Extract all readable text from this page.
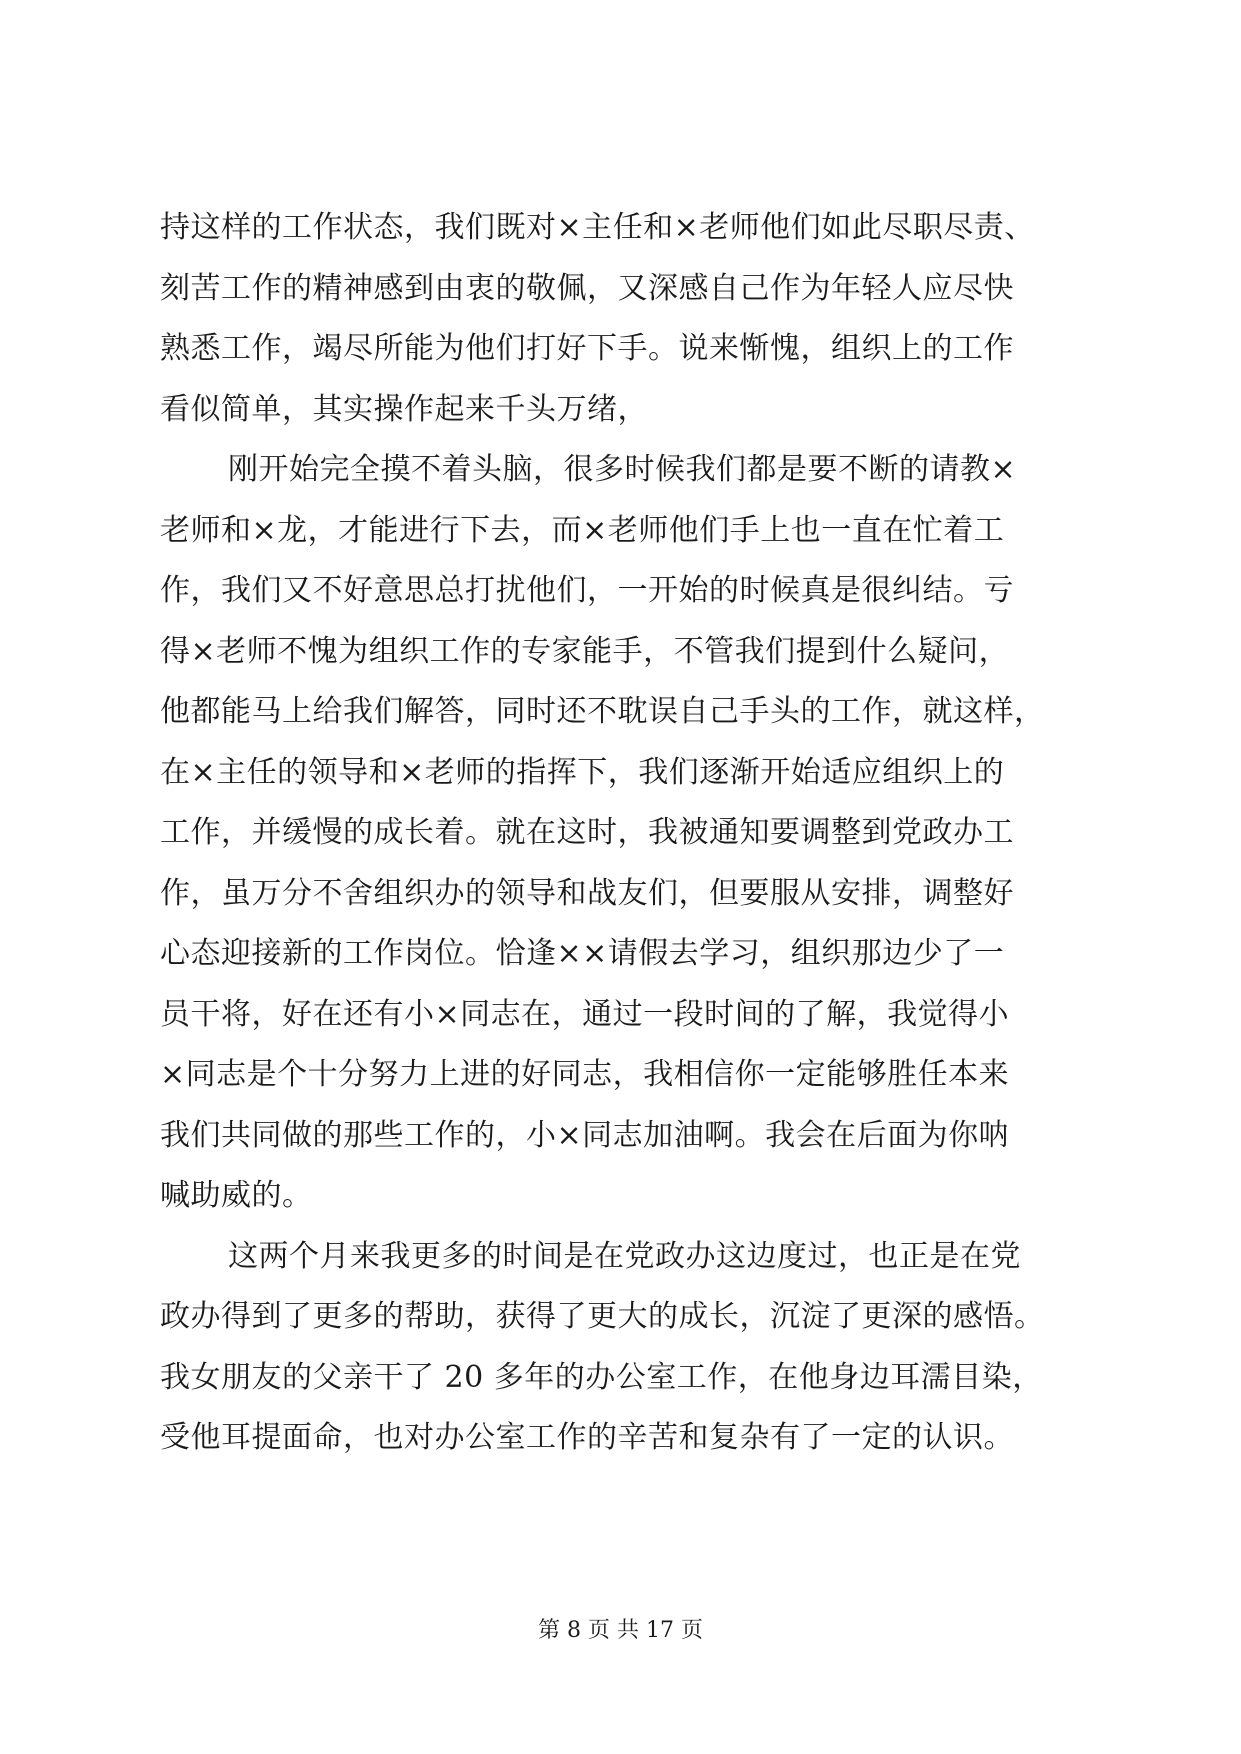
持这样的工作状态，我们既对×主任和×老师他们如此尽职尽责、
刻苦工作的精神感到由衷的敬佩，又深感自己作为年轻人应尽快
熟悉工作，竭尽所能为他们打好下手。说来惭愧，组织上的工作
看似简单，其实操作起来千头万绪，
刚开始完全摸不着头脑，很多时候我们都是要不断的请教×
老师和×龙，才能进行下去，而×老师他们手上也一直在忙着工
作，我们又不好意思总打扰他们，一开始的时候真是很纠结。亏
得×老师不愧为组织工作的专家能手，不管我们提到什么疑问，
他都能马上给我们解答，同时还不耽误自己手头的工作，就这样，
在×主任的领导和×老师的指挥下，我们逐渐开始适应组织上的
工作，并缓慢的成长着。就在这时，我被通知要调整到党政办工
作，虽万分不舍组织办的领导和战友们，但要服从安排，调整好
心态迎接新的工作岗位。恰逢××请假去学习，组织那边少了一
员干将，好在还有小×同志在，通过一段时间的了解，我觉得小
×同志是个十分努力上进的好同志，我相信你一定能够胜任本来
我们共同做的那些工作的，小×同志加油啊。我会在后面为你呐
喊助威的。
这两个月来我更多的时间是在党政办这边度过，也正是在党
政办得到了更多的帮助，获得了更大的成长，沉淀了更深的感悟。
我女朋友的父亲干了 20 多年的办公室工作，在他身边耳濡目染，
受他耳提面命，也对办公室工作的辛苦和复杂有了一定的认识。
第 8 页 共 17 页
